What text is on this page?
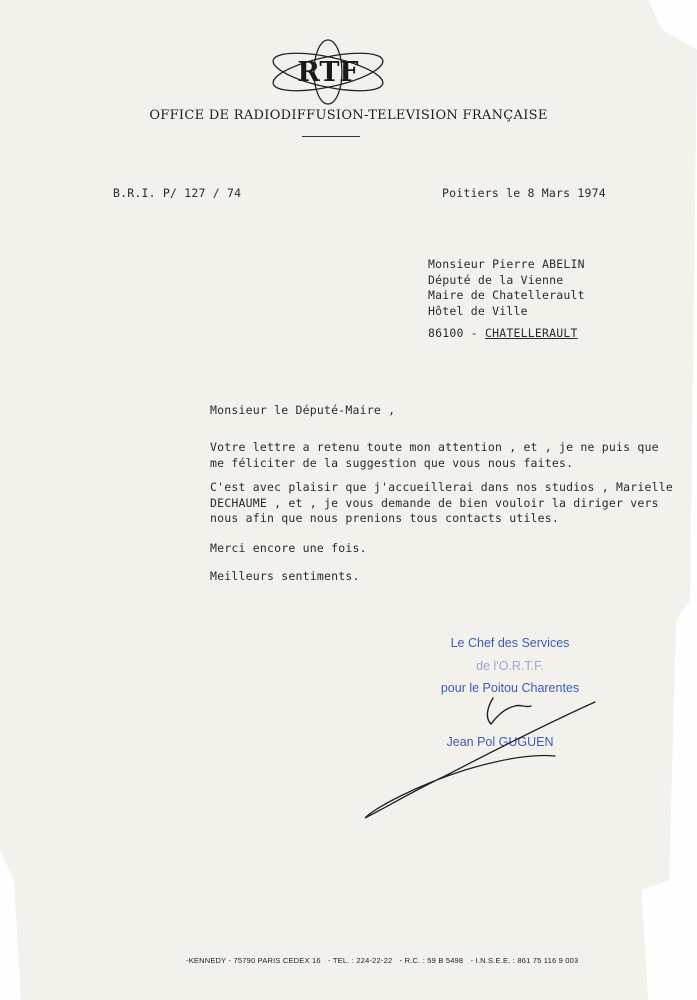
RTF
OFFICE DE RADIODIFFUSION-TELEVISION FRANÇAISE
B.R.I. P/ 127 / 74	Poitiers le 8 Mars 1974
Monsieur Pierre ABELIN
Député de la Vienne
Maire de Chatellerault
Hôtel de Ville
86100 - CHATELLERAULT
Monsieur le Député-Maire ,
Votre lettre a retenu toute mon attention , et , je ne puis que
me féliciter de la suggestion que vous nous faites.
C'est avec plaisir que j'accueillerai dans nos studios , Marielle
DECHAUME , et , je vous demande de bien vouloir la diriger vers
nous afin que nous prenions tous contacts utiles.
Merci encore une fois.
Meilleurs sentiments.
Le Chef des Services
de l'O.R.T.F.
pour le Poitou Charentes
Jean Pol GUGUEN
-KENNEDY - 75790 PARIS CEDEX 16 - TEL. : 224-22-22 - R.C. : 59 B 5498 - I.N.S.E.E. : 861 75 116 9 003
